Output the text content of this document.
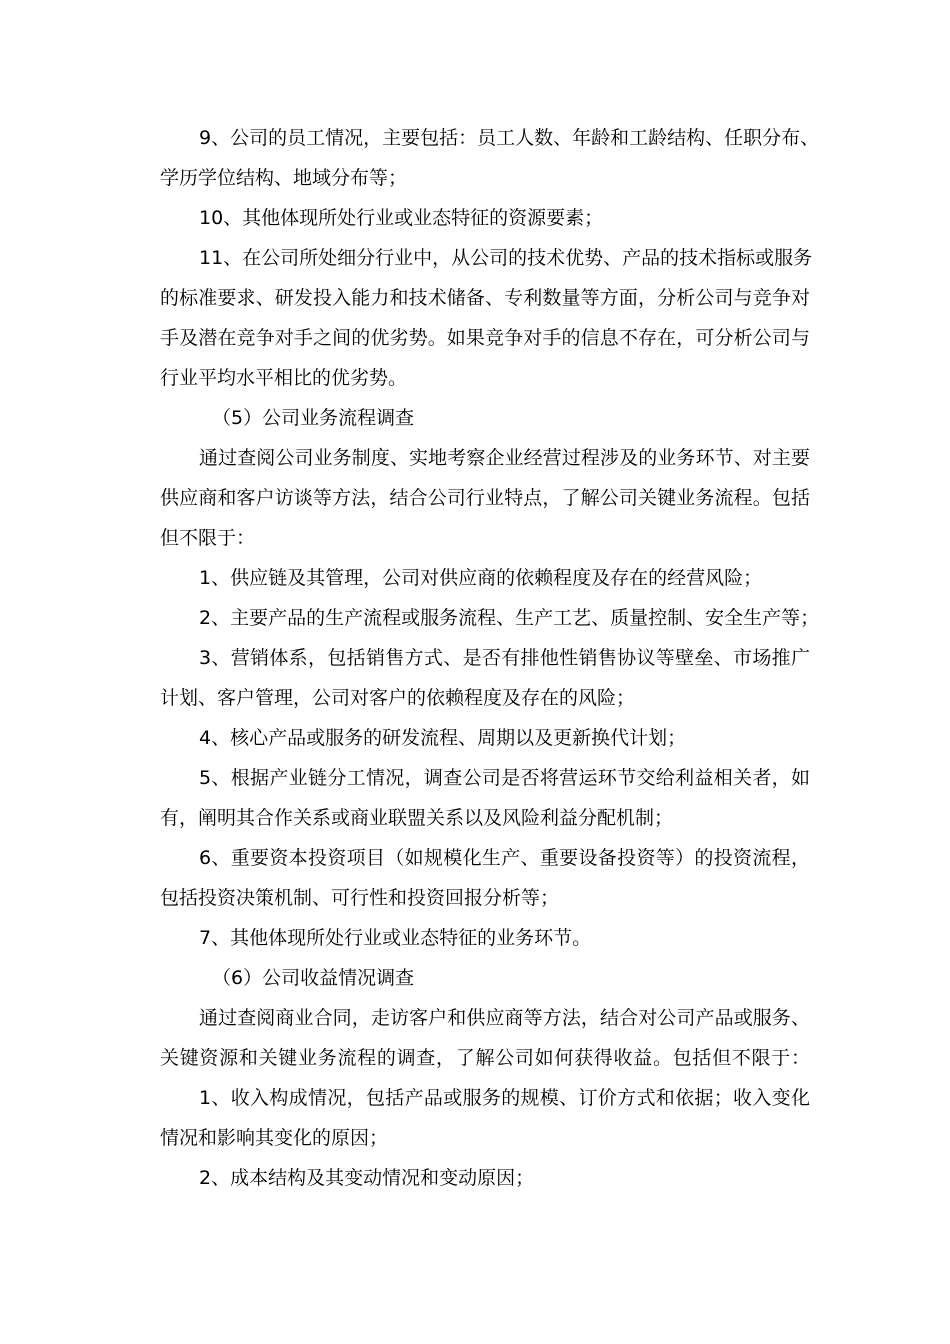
9、公司的员工情况，主要包括：员工人数、年龄和工龄结构、任职分布、
学历学位结构、地域分布等；
10、其他体现所处行业或业态特征的资源要素；
11、在公司所处细分行业中，从公司的技术优势、产品的技术指标或服务
的标准要求、研发投入能力和技术储备、专利数量等方面，分析公司与竞争对
手及潜在竞争对手之间的优劣势。如果竞争对手的信息不存在，可分析公司与
行业平均水平相比的优劣势。
（5）公司业务流程调查
通过查阅公司业务制度、实地考察企业经营过程涉及的业务环节、对主要
供应商和客户访谈等方法，结合公司行业特点，了解公司关键业务流程。包括
但不限于：
1、供应链及其管理，公司对供应商的依赖程度及存在的经营风险；
2、主要产品的生产流程或服务流程、生产工艺、质量控制、安全生产等；
3、营销体系，包括销售方式、是否有排他性销售协议等壁垒、市场推广
计划、客户管理，公司对客户的依赖程度及存在的风险；
4、核心产品或服务的研发流程、周期以及更新换代计划；
5、根据产业链分工情况，调查公司是否将营运环节交给利益相关者，如
有，阐明其合作关系或商业联盟关系以及风险利益分配机制；
6、重要资本投资项目（如规模化生产、重要设备投资等）的投资流程，
包括投资决策机制、可行性和投资回报分析等；
7、其他体现所处行业或业态特征的业务环节。
（6）公司收益情况调查
通过查阅商业合同，走访客户和供应商等方法，结合对公司产品或服务、
关键资源和关键业务流程的调查，了解公司如何获得收益。包括但不限于：
1、收入构成情况，包括产品或服务的规模、订价方式和依据；收入变化
情况和影响其变化的原因；
2、成本结构及其变动情况和变动原因；
